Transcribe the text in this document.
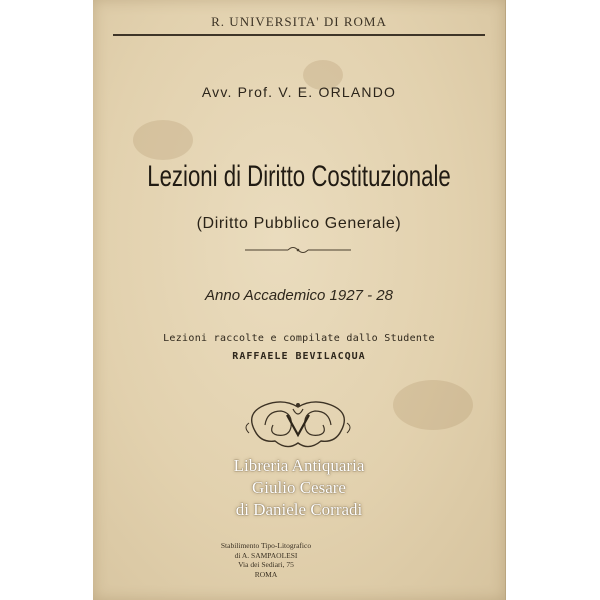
R. UNIVERSITA' DI ROMA
Avv. Prof. V. E. ORLANDO
Lezioni di Diritto Costituzionale
(Diritto Pubblico Generale)
Anno Accademico 1927 - 28
Lezioni raccolte e compilate dallo Studente
RAFFAELE BEVILACQUA
Libreria Antiquaria
Giulio Cesare
di Daniele Corradi
Stabilimento Tipo-Litografico
di A. SAMPAOLESI
Via dei Sediari, 75
ROMA
